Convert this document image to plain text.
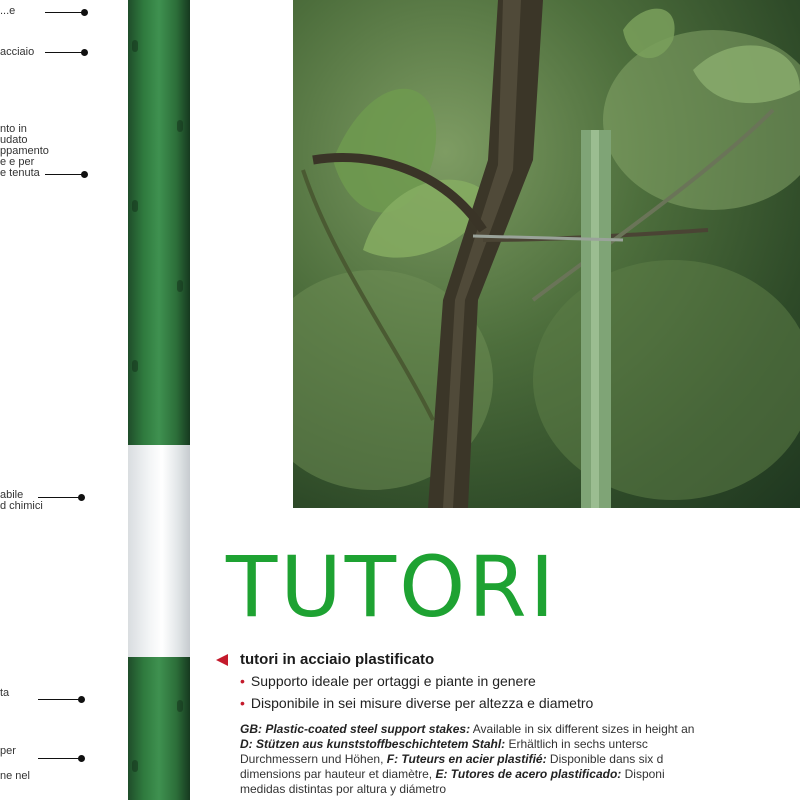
...e
acciaio
nto in
udato
ppamento
e e per
e tenuta
abile
d chimici
ta
per
ne nel
TUTORI
tutori in acciaio plastificato
• Supporto ideale per ortaggi e piante in genere
• Disponibile in sei misure diverse per altezza e diametro
GB: Plastic-coated steel support stakes: Available in six different sizes in height an
D: Stützen aus kunststoffbeschichtetem Stahl: Erhältlich in sechs untersc
Durchmessern und Höhen, F: Tuteurs en acier plastifié: Disponible dans six d
dimensions par hauteur et diamètre, E: Tutores de acero plastificado: Disponi
medidas distintas por altura y diámetro
